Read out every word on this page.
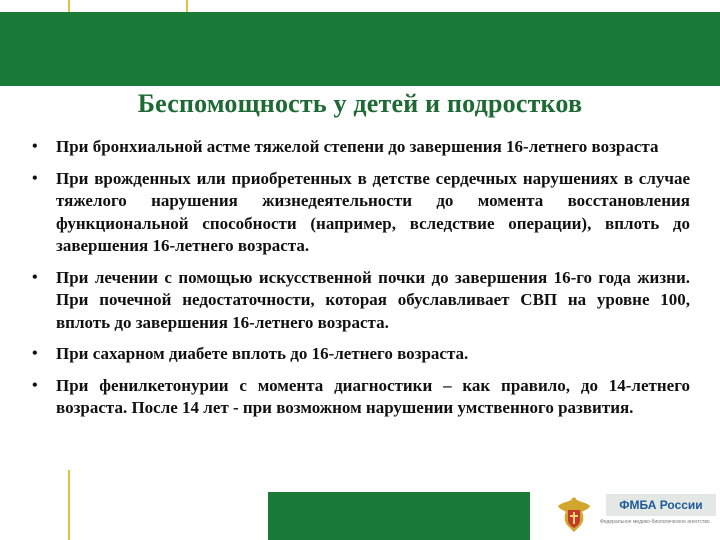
Беспомощность у детей и подростков
• При бронхиальной астме тяжелой степени до завершения 16-летнего возраста
• При врожденных или приобретенных в детстве сердечных нарушениях в случае тяжелого нарушения жизнедеятельности до момента восстановления функциональной способности (например, вследствие операции), вплоть до завершения 16-летнего возраста.
• При лечении с помощью искусственной почки до завершения 16-го года жизни. При почечной недостаточности, которая обуславливает СВП на уровне 100, вплоть до завершения 16-летнего возраста.
• При сахарном диабете вплоть до 16-летнего возраста.
• При фенилкетонурии с момента диагностики – как правило, до 14-летнего возраста. После 14 лет - при возможном нарушении умственного развития.
ФМБА России
Федеральное медико-биологическое агентство
